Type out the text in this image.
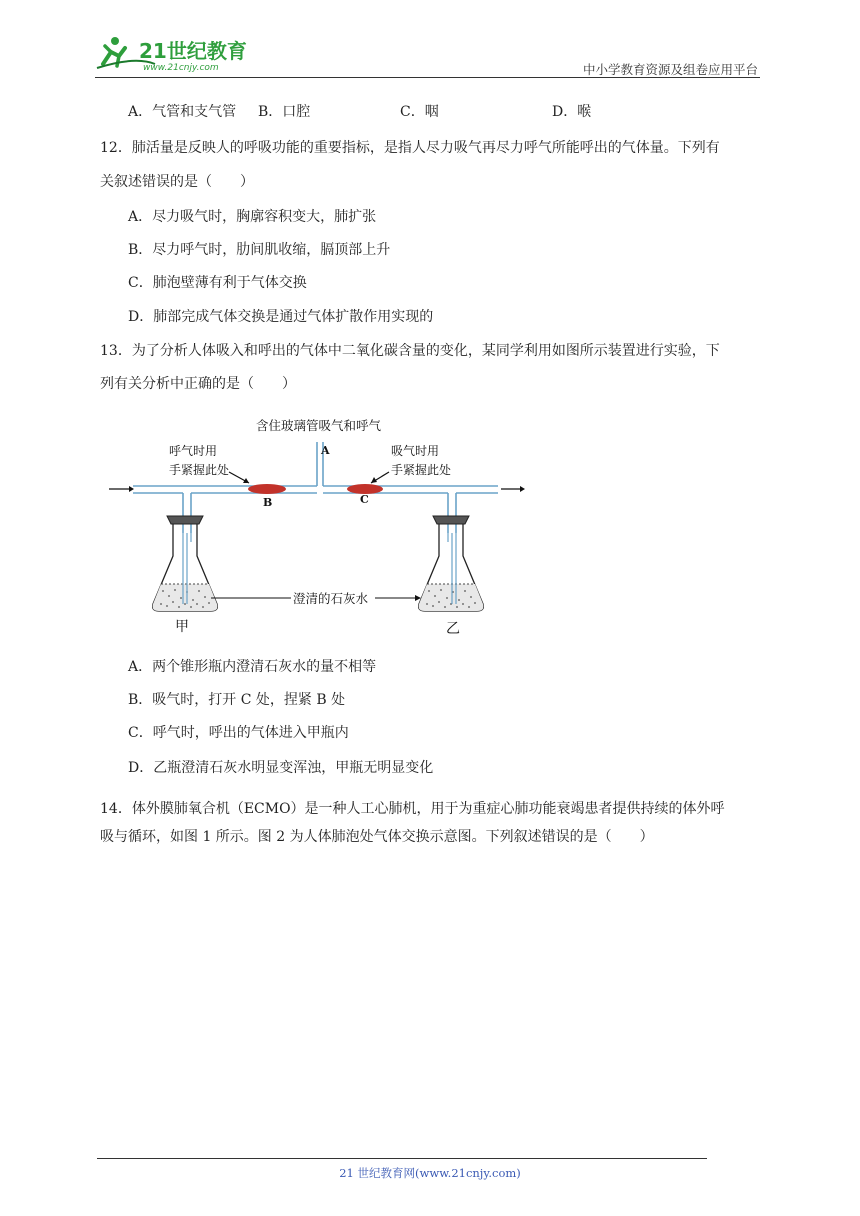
21世纪教育
www.21cnjy.com	中小学教育资源及组卷应用平台
A．气管和支气管 B．口腔	C．咽	D．喉
12．肺活量是反映人的呼吸功能的重要指标，是指人尽力吸气再尽力呼气所能呼出的气体量。下列有
关叙述错误的是（　　）
A．尽力吸气时，胸廓容积变大，肺扩张
B．尽力呼气时，肋间肌收缩，膈顶部上升
C．肺泡壁薄有利于气体交换
D．肺部完成气体交换是通过气体扩散作用实现的
13．为了分析人体吸入和呼出的气体中二氧化碳含量的变化，某同学利用如图所示装置进行实验，下
列有关分析中正确的是（　　）
A．两个锥形瓶内澄清石灰水的量不相等
B．吸气时，打开 C 处，捏紧 B 处
C．呼气时，呼出的气体进入甲瓶内
D．乙瓶澄清石灰水明显变浑浊，甲瓶无明显变化
14．体外膜肺氧合机（ECMO）是一种人工心肺机，用于为重症心肺功能衰竭患者提供持续的体外呼
吸与循环，如图 1 所示。图 2 为人体肺泡处气体交换示意图。下列叙述错误的是（　　）
含住玻璃管吸气和呼气
A
B	C
呼气时用
手紧握此处
吸气时用
手紧握此处
澄清的石灰水
甲	乙
21 世纪教育网(www.21cnjy.com)
